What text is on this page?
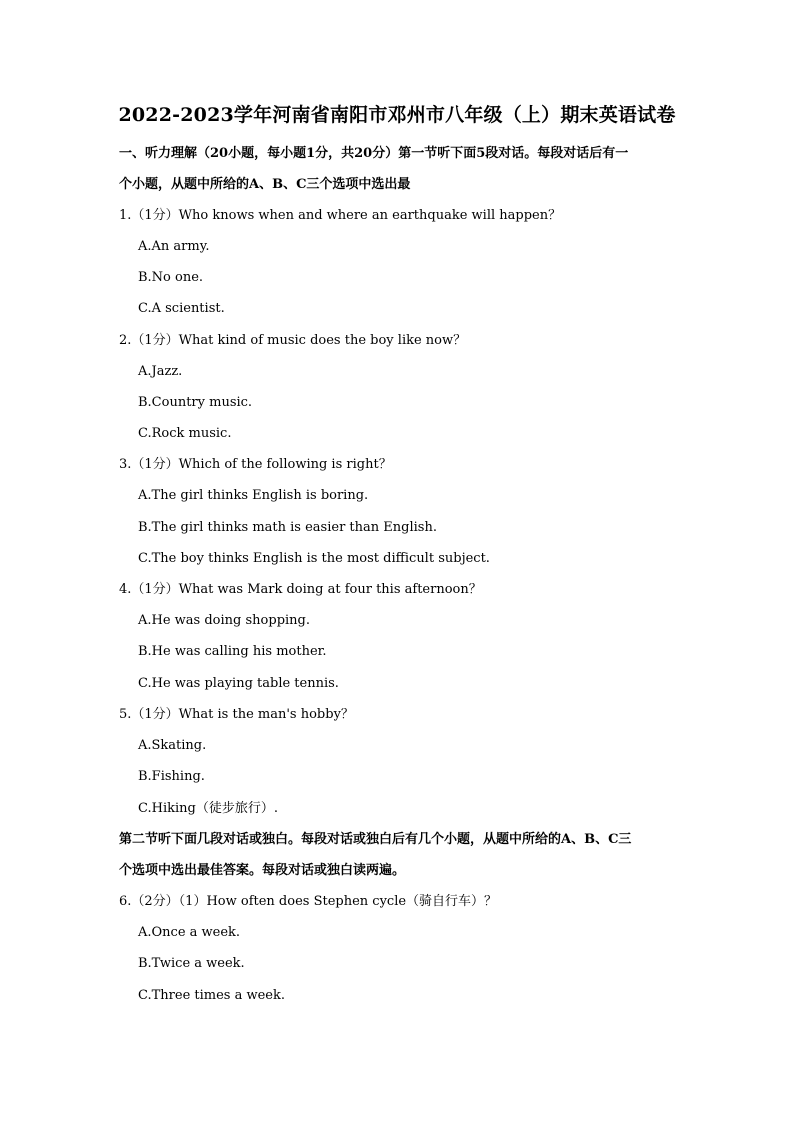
2022-2023学年河南省南阳市邓州市八年级（上）期末英语试卷
一、听力理解（20小题，每小题1分，共20分）第一节听下面5段对话。每段对话后有一
个小题，从题中所给的A、B、C三个选项中选出最
1.（1分）Who knows when and where an earthquake will happen？
A.An army.
B.No one.
C.A scientist.
2.（1分）What kind of music does the boy like now？
A.Jazz.
B.Country music.
C.Rock music.
3.（1分）Which of the following is right？
A.The girl thinks English is boring.
B.The girl thinks math is easier than English.
C.The boy thinks English is the most difficult subject.
4.（1分）What was Mark doing at four this afternoon？
A.He was doing shopping.
B.He was calling his mother.
C.He was playing table tennis.
5.（1分）What is the man's hobby？
A.Skating.
B.Fishing.
C.Hiking（徒步旅行）.
第二节听下面几段对话或独白。每段对话或独白后有几个小题，从题中所给的A、B、C三
个选项中选出最佳答案。每段对话或独白读两遍。
6.（2分）（1）How often does Stephen cycle（骑自行车）？
A.Once a week.
B.Twice a week.
C.Three times a week.
